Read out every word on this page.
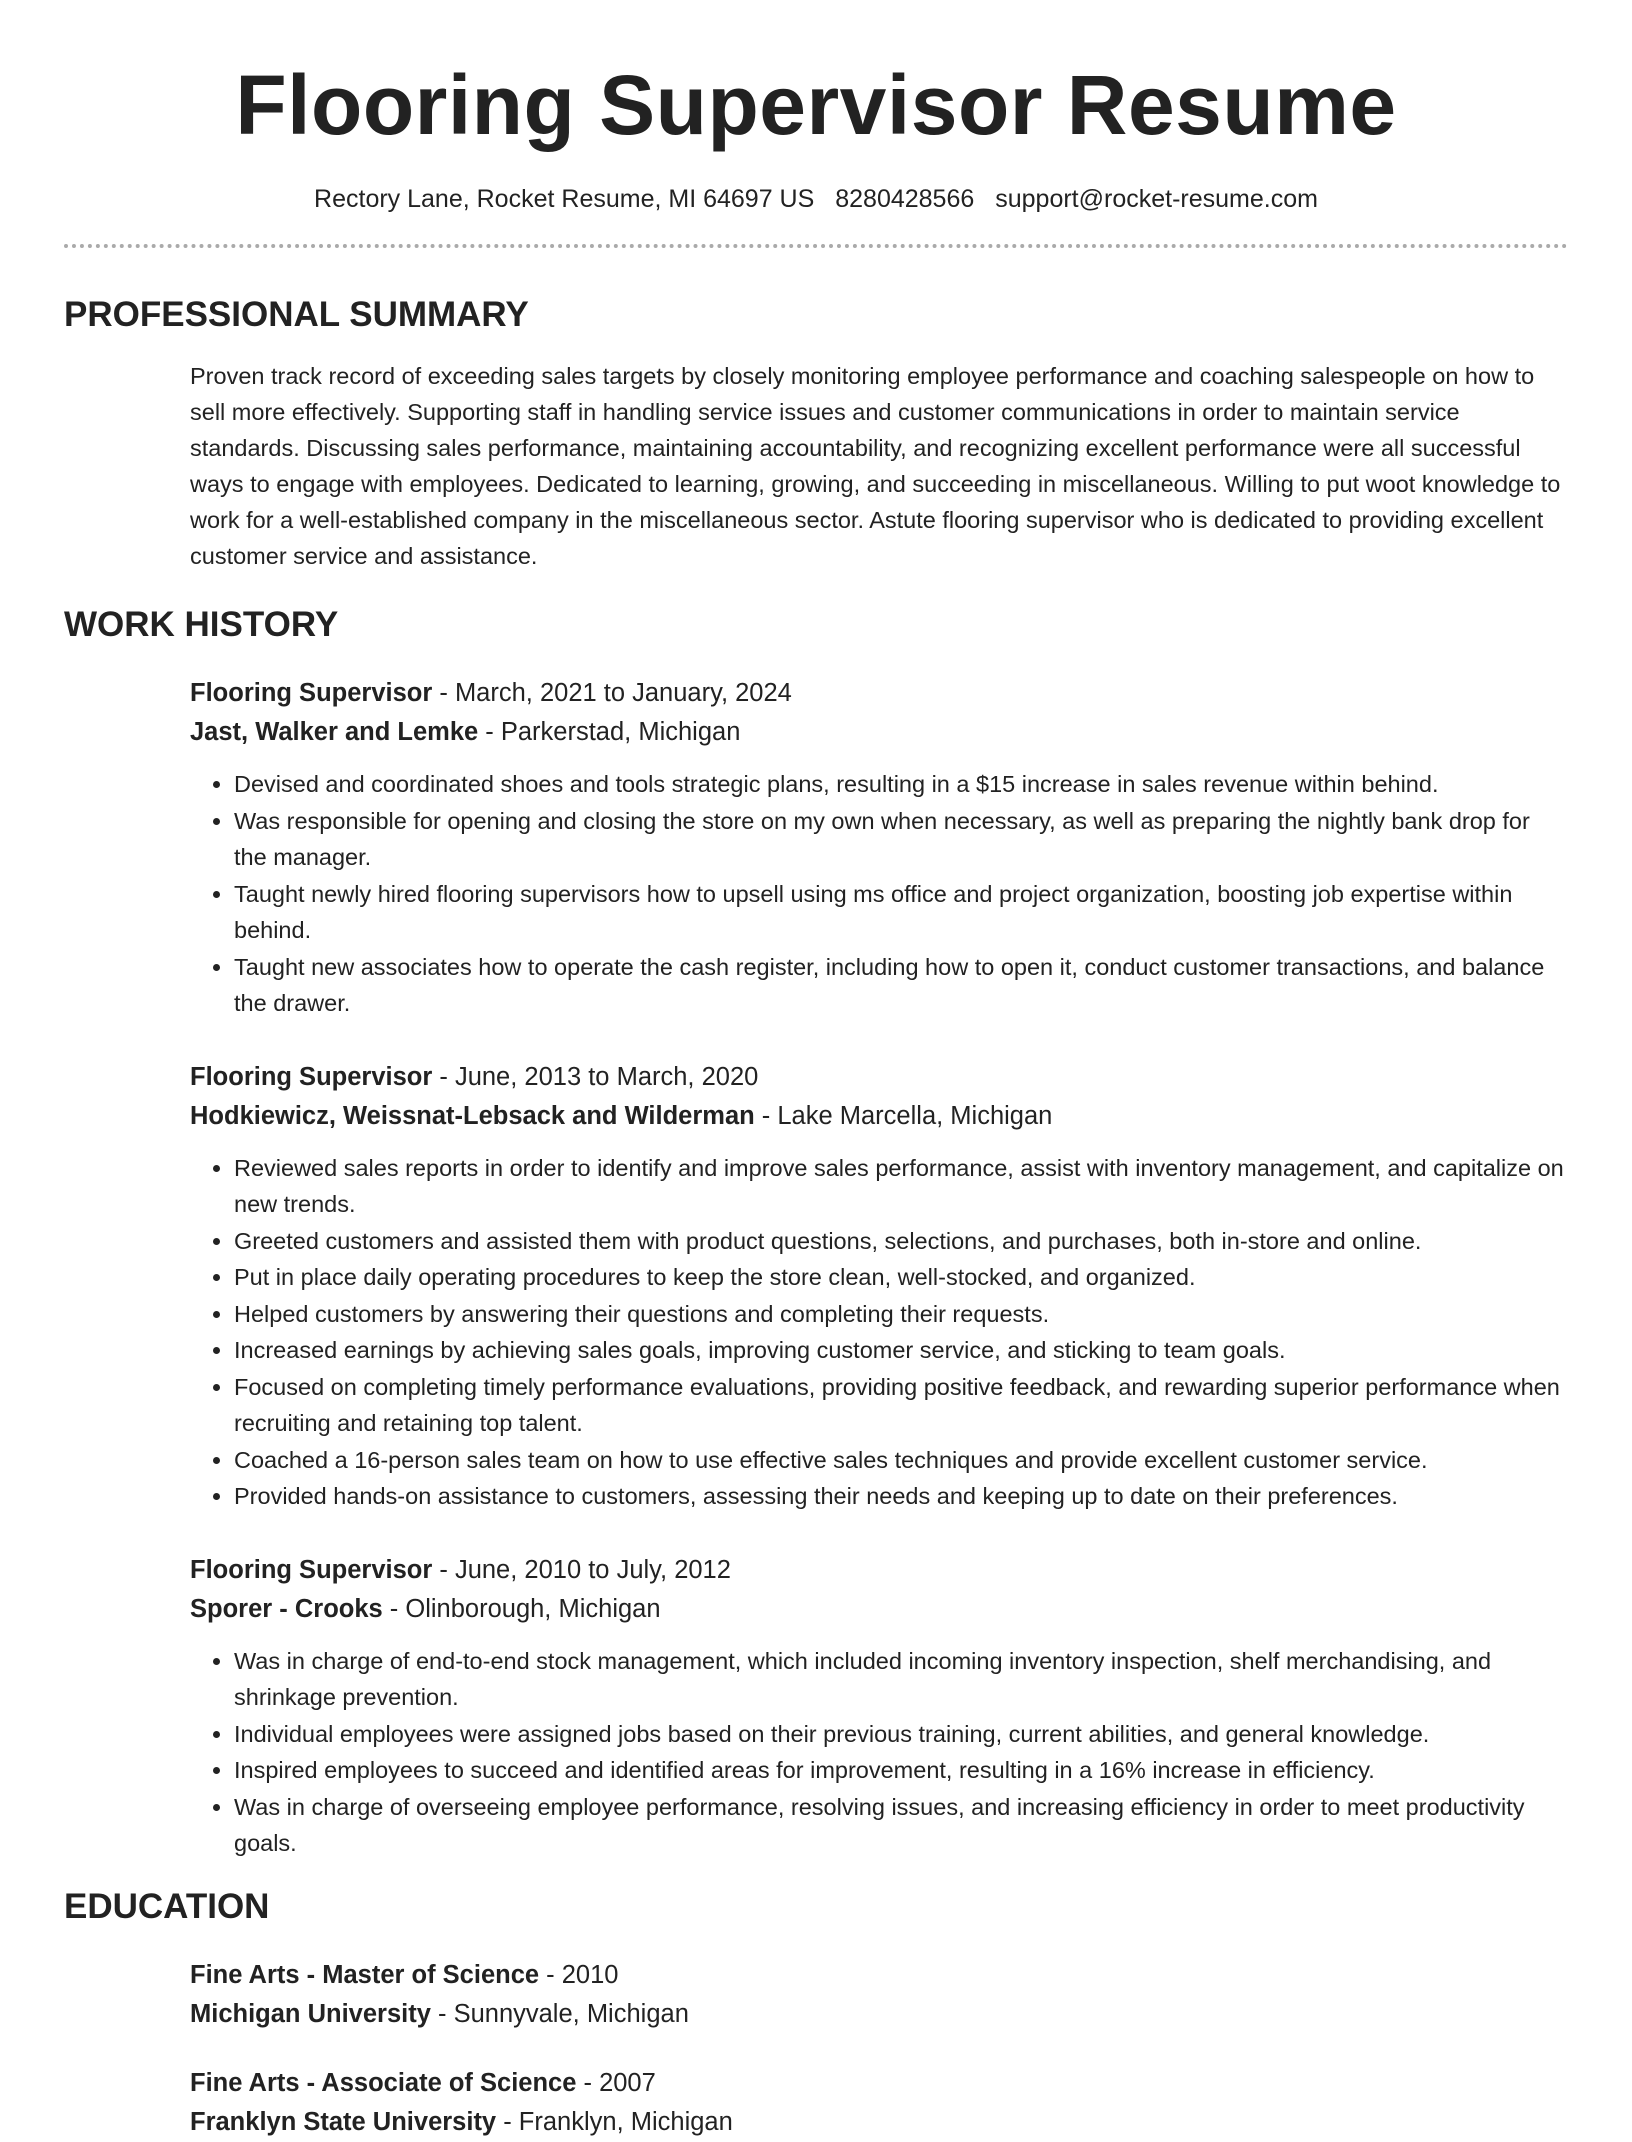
Flooring Supervisor Resume
Rectory Lane, Rocket Resume, MI 64697 US 8280428566 support@rocket-resume.com
PROFESSIONAL SUMMARY
Proven track record of exceeding sales targets by closely monitoring employee performance and coaching salespeople on how to sell more effectively. Supporting staff in handling service issues and customer communications in order to maintain service standards. Discussing sales performance, maintaining accountability, and recognizing excellent performance were all successful ways to engage with employees. Dedicated to learning, growing, and succeeding in miscellaneous. Willing to put woot knowledge to work for a well-established company in the miscellaneous sector. Astute flooring supervisor who is dedicated to providing excellent customer service and assistance.
WORK HISTORY
Flooring Supervisor - March, 2021 to January, 2024
Jast, Walker and Lemke - Parkerstad, Michigan
• Devised and coordinated shoes and tools strategic plans, resulting in a $15 increase in sales revenue within behind.
• Was responsible for opening and closing the store on my own when necessary, as well as preparing the nightly bank drop for the manager.
• Taught newly hired flooring supervisors how to upsell using ms office and project organization, boosting job expertise within behind.
• Taught new associates how to operate the cash register, including how to open it, conduct customer transactions, and balance the drawer.
Flooring Supervisor - June, 2013 to March, 2020
Hodkiewicz, Weissnat-Lebsack and Wilderman - Lake Marcella, Michigan
• Reviewed sales reports in order to identify and improve sales performance, assist with inventory management, and capitalize on new trends.
• Greeted customers and assisted them with product questions, selections, and purchases, both in-store and online.
• Put in place daily operating procedures to keep the store clean, well-stocked, and organized.
• Helped customers by answering their questions and completing their requests.
• Increased earnings by achieving sales goals, improving customer service, and sticking to team goals.
• Focused on completing timely performance evaluations, providing positive feedback, and rewarding superior performance when recruiting and retaining top talent.
• Coached a 16-person sales team on how to use effective sales techniques and provide excellent customer service.
• Provided hands-on assistance to customers, assessing their needs and keeping up to date on their preferences.
Flooring Supervisor - June, 2010 to July, 2012
Sporer - Crooks - Olinborough, Michigan
• Was in charge of end-to-end stock management, which included incoming inventory inspection, shelf merchandising, and shrinkage prevention.
• Individual employees were assigned jobs based on their previous training, current abilities, and general knowledge.
• Inspired employees to succeed and identified areas for improvement, resulting in a 16% increase in efficiency.
• Was in charge of overseeing employee performance, resolving issues, and increasing efficiency in order to meet productivity goals.
EDUCATION
Fine Arts - Master of Science - 2010
Michigan University - Sunnyvale, Michigan
Fine Arts - Associate of Science - 2007
Franklyn State University - Franklyn, Michigan
